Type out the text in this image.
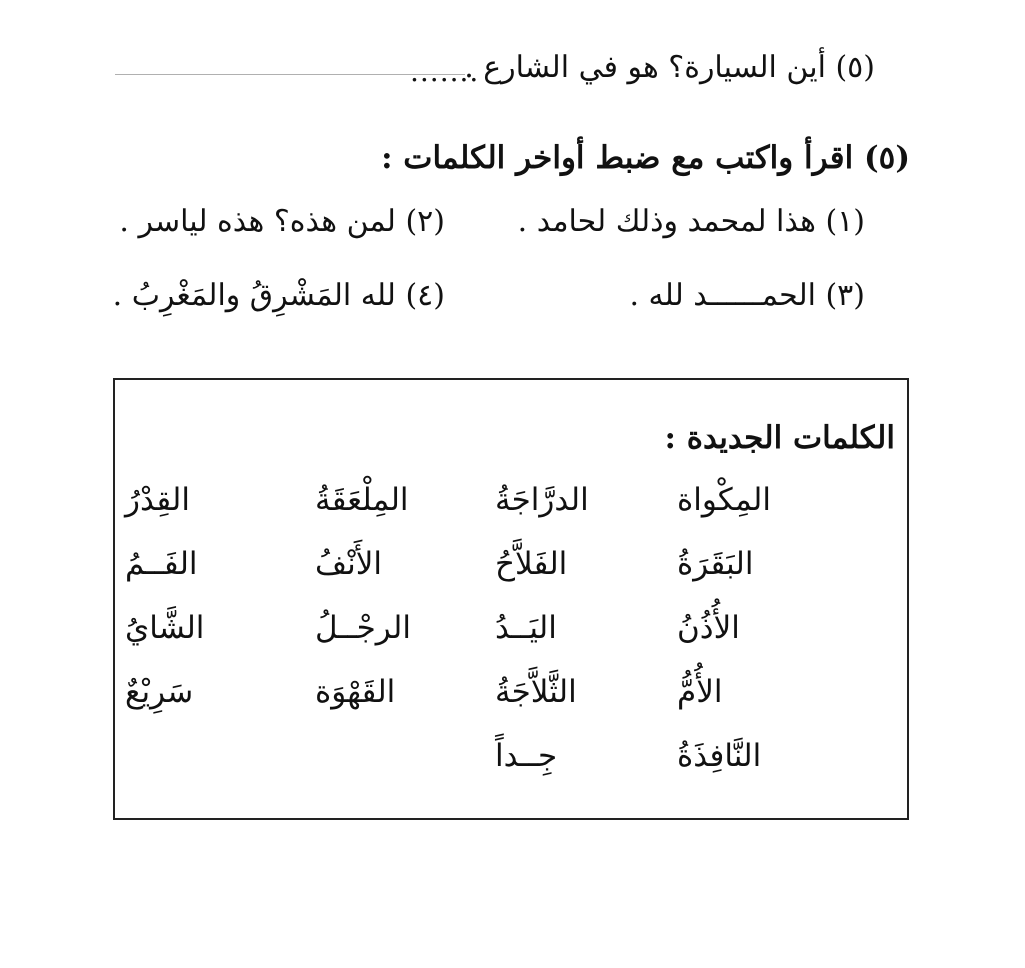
.......
(٥) أين السيارة؟ هو في الشارع .
(٥) اقرأ واكتب مع ضبط أواخر الكلمات :
(١) هذا لمحمد وذلك لحامد .
(٢) لمن هذه؟ هذه لياسر .
(٣) الحمــــــد لله .
(٤) لله المَشْرِقُ والمَغْرِبُ .
الكلمات الجديدة :
المِكْواة
البَقَرَةُ
الأُذُنُ
الأُمُّ
النَّافِذَةُ
الدرَّاجَةُ
الفَلاَّحُ
اليَــدُ
الثَّلاَّجَةُ
جِــداً
المِلْعَقَةُ
الأَنْفُ
الرجْــلُ
القَهْوَة
القِدْرُ
الفَــمُ
الشَّايُ
سَرِيْعٌ
